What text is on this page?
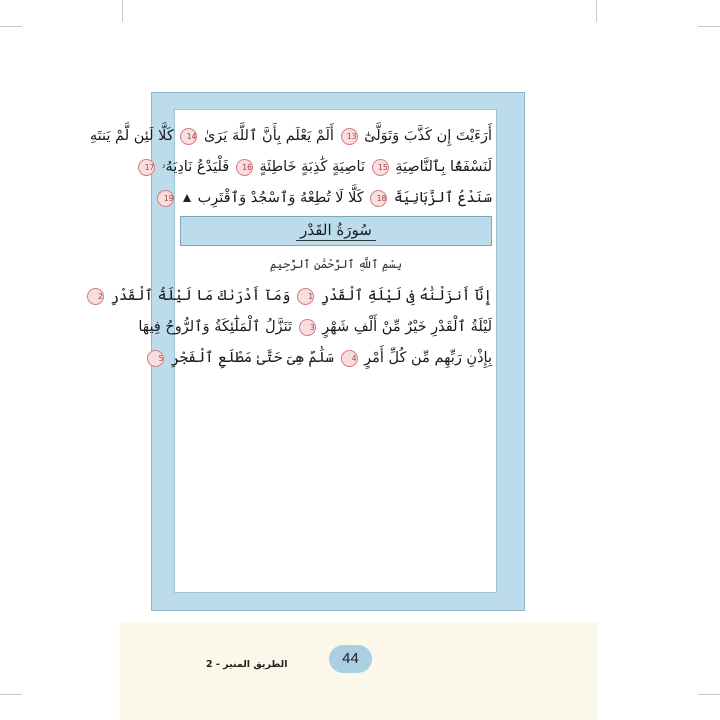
أَرَءَيْتَ إِن كَذَّبَ وَتَوَلَّىٰٓ 13 أَلَمْ يَعْلَم بِأَنَّ ٱللَّهَ يَرَىٰ 14 كَلَّا لَئِن لَّمْ يَنتَهِ
لَنَسْفَعًۢا بِٱلنَّاصِيَةِ 15 نَاصِيَةٍ كَٰذِبَةٍ خَاطِئَةٍ 16 فَلْيَدْعُ نَادِيَهُۥ 17
سَنَدْعُ ٱلزَّبَانِيَةَ 18 كَلَّا لَا تُطِعْهُ وَٱسْجُدْ وَٱقْتَرِب  19
سُورَةُ القَدْر
بِسْمِ ٱللَّهِ ٱلرَّحْمَٰنِ ٱلرَّحِيمِ
إِنَّآ أَنزَلْنَٰهُ فِى لَيْلَةِ ٱلْقَدْرِ 1 وَمَآ أَدْرَىٰكَ مَا لَيْلَةُ ٱلْقَدْرِ 2
لَيْلَةُ ٱلْقَدْرِ خَيْرٌ مِّنْ أَلْفِ شَهْرٍ 3 تَنَزَّلُ ٱلْمَلَٰٓئِكَةُ وَٱلرُّوحُ فِيهَا
بِإِذْنِ رَبِّهِم مِّن كُلِّ أَمْرٍ 4 سَلَٰمٌ هِىَ حَتَّىٰ مَطْلَعِ ٱلْفَجْرِ 5
44
الطريق المنير - 2
